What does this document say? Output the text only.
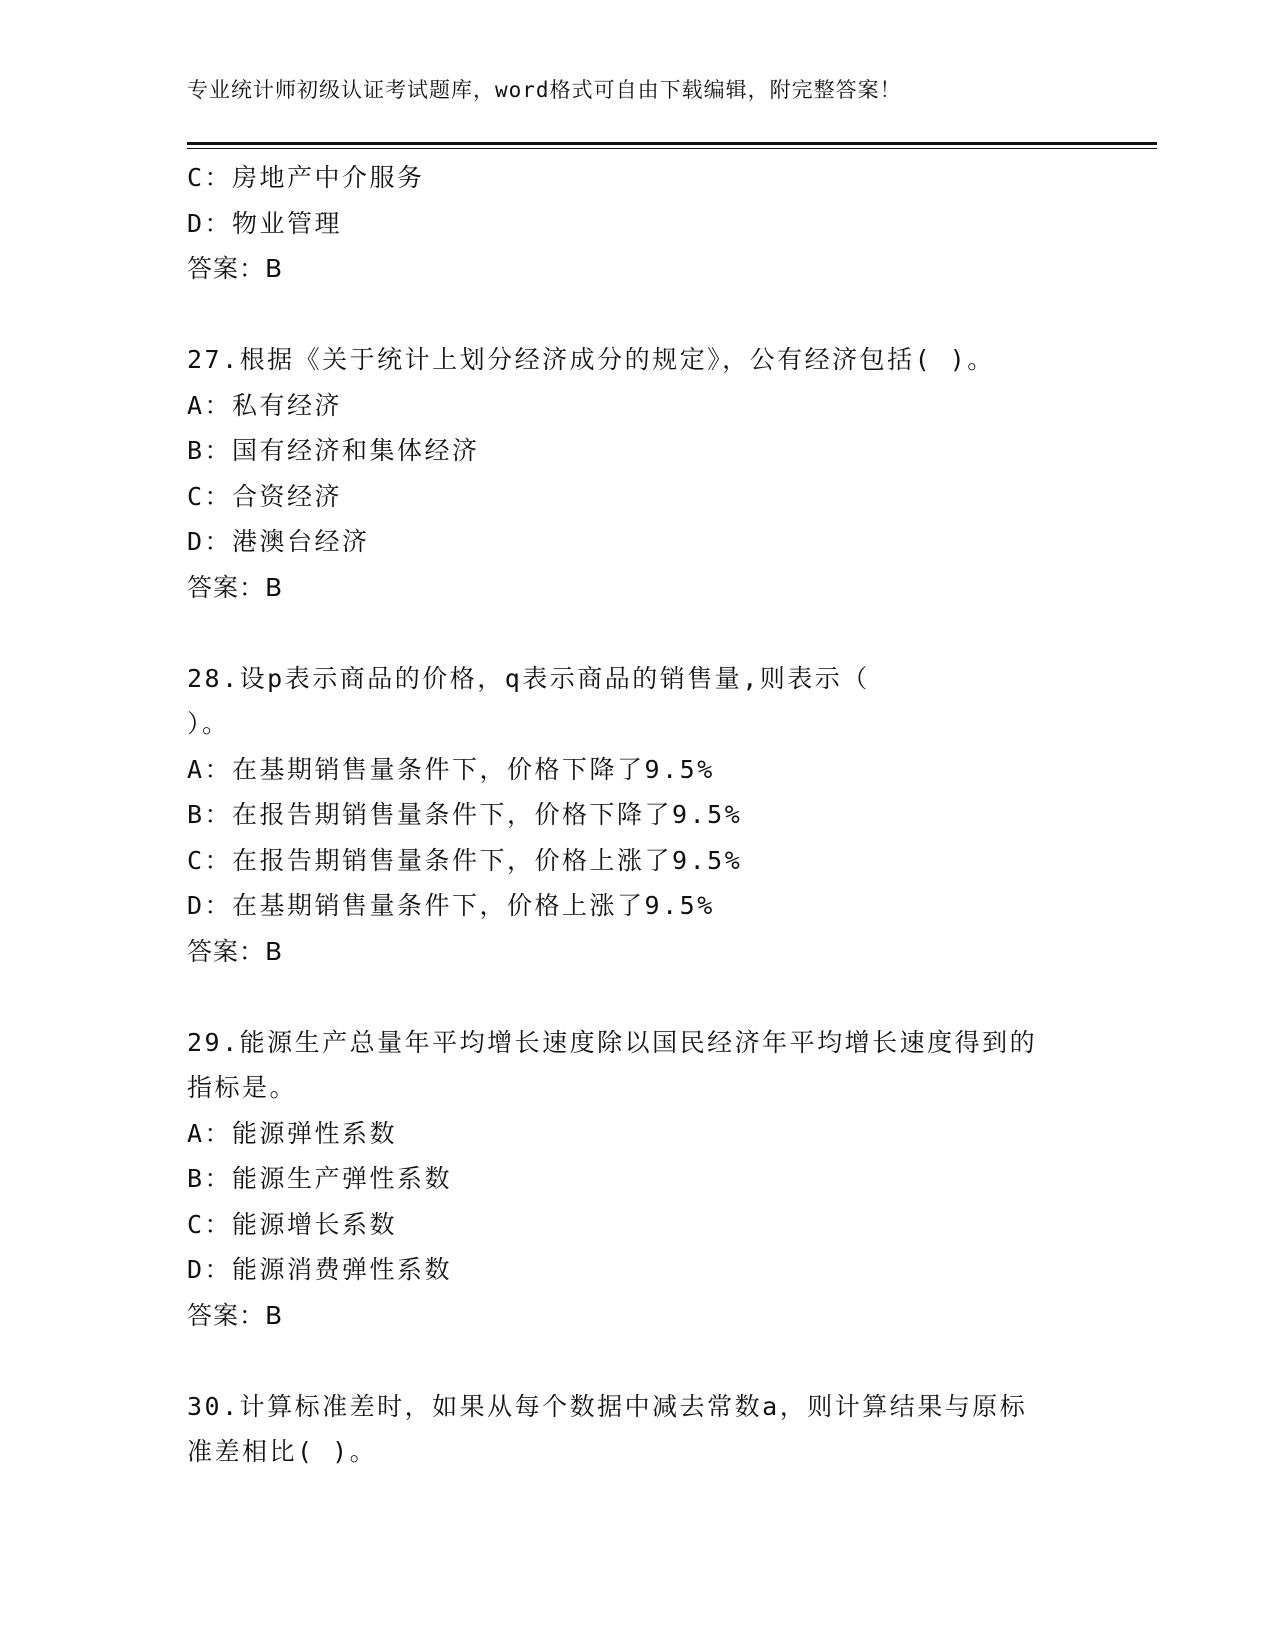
专业统计师初级认证考试题库，word格式可自由下载编辑，附完整答案！
C：房地产中介服务
D：物业管理
答案：B
27.根据《关于统计上划分经济成分的规定》，公有经济包括( )。
A：私有经济
B：国有经济和集体经济
C：合资经济
D：港澳台经济
答案：B
28.设p表示商品的价格，q表示商品的销售量,则表示（
）。
A：在基期销售量条件下，价格下降了9.5%
B：在报告期销售量条件下，价格下降了9.5%
C：在报告期销售量条件下，价格上涨了9.5%
D：在基期销售量条件下，价格上涨了9.5%
答案：B
29.能源生产总量年平均增长速度除以国民经济年平均增长速度得到的
指标是。
A：能源弹性系数
B：能源生产弹性系数
C：能源增长系数
D：能源消费弹性系数
答案：B
30.计算标准差时，如果从每个数据中减去常数a，则计算结果与原标
准差相比( )。
